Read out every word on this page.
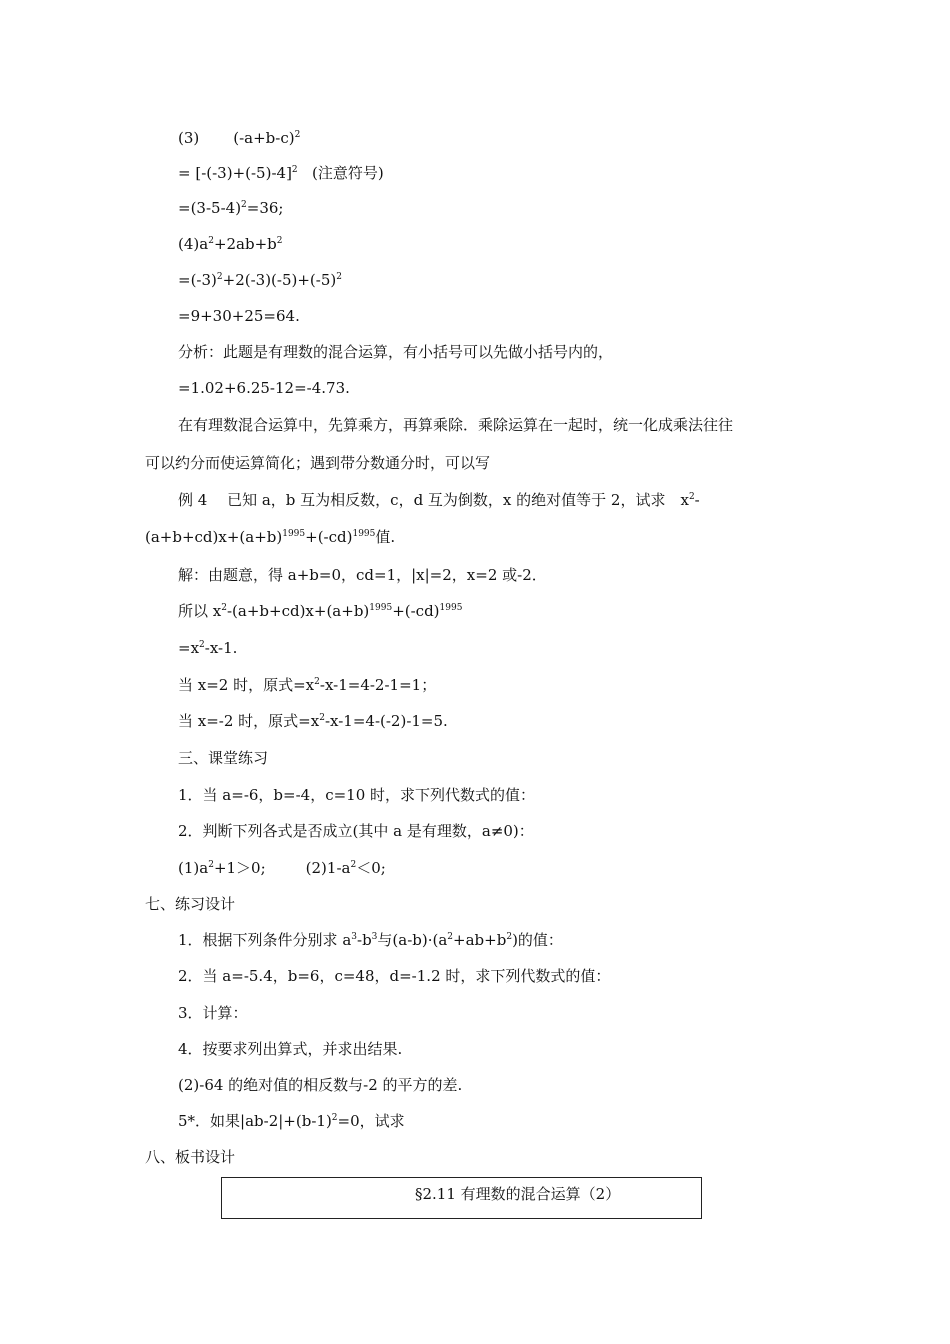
(3) $(-a+b-c)^2$
= $[-(-3)+(-5)-4]^2$ (注意符号)
$=(3-5-4)^2=36$;
$(4)a^2+2ab+b^2$
$=(-3)^2+2(-3)(-5)+(-5)^2$
=9+30+25=64.
分析：此题是有理数的混合运算，有小括号可以先做小括号内的，
=1.02+6.25-12=-4.73.
在有理数混合运算中，先算乘方，再算乘除．乘除运算在一起时，统一化成乘法往往
可以约分而使运算简化；遇到带分数通分时，可以写
例 4　 已知 a，b 互为相反数，c，d 互为倒数，x 的绝对值等于 2，试求　$x^2-$
$(a+b+cd)x+(a+b)^{1995}+(-cd)^{1995}$值.
解：由题意，得 a+b=0，cd=1，|x|=2，x=2 或-2．
所以 $x^2-(a+b+cd)x+(a+b)^{1995}+(-cd)^{1995}$
$=x^2-x-1$.
当 x=2 时，原式$=x^2-x-1=4-2-1=1$；
当 x=-2 时，原式$=x^2-x-1=4-(-2)-1=5$.
三、课堂练习
1．当 a=-6，b=-4，c=10 时，求下列代数式的值：
2．判断下列各式是否成立(其中 a 是有理数，a≠0)：
$(1)a^2+1>0$;	$(2)1-a^2<0$;
七、练习设计
1．根据下列条件分别求 $a^3-b^3$与$(a-b)\cdot(a^2+ab+b^2)$的值：
2．当 a=-5.4，b=6，c=48，d=-1.2 时，求下列代数式的值：
3．计算：
4．按要求列出算式，并求出结果.
(2)-64 的绝对值的相反数与-2 的平方的差.
5*．如果$|ab-2|+(b-1)^2=0$，试求
八、板书设计
§2.11 有理数的混合运算（2）
